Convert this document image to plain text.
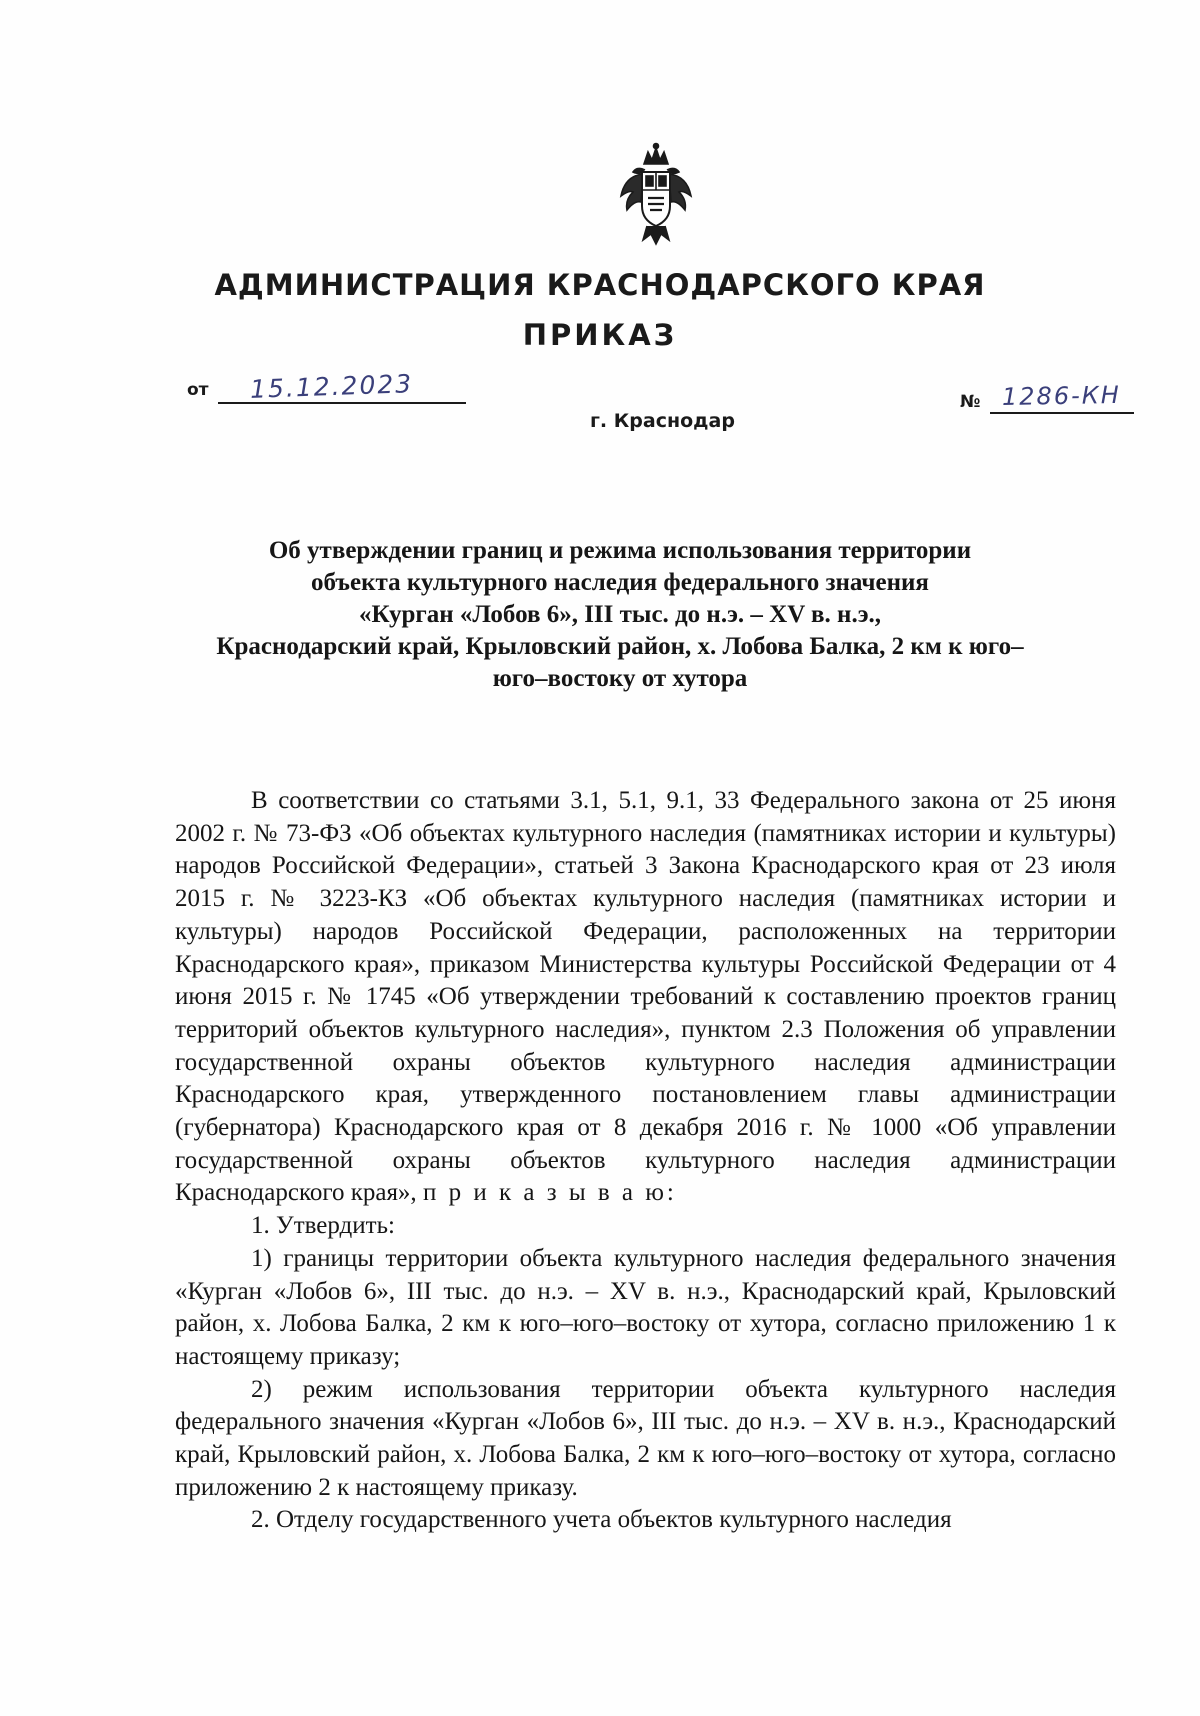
АДМИНИСТРАЦИЯ КРАСНОДАРСКОГО КРАЯ
ПРИКАЗ
от 15.12.2023
г. Краснодар
№ 1286-КН
Об утверждении границ и режима использования территории
объекта культурного наследия федерального значения
«Курган «Лобов 6», III тыс. до н.э. – XV в. н.э.,
Краснодарский край, Крыловский район, х. Лобова Балка, 2 км к юго–
юго–востоку от хутора

В соответствии со статьями 3.1, 5.1, 9.1, 33 Федерального закона от 25 июня 2002 г. № 73-ФЗ «Об объектах культурного наследия (памятниках истории и культуры) народов Российской Федерации», статьей 3 Закона Краснодарского края от 23 июля 2015 г. № 3223-КЗ «Об объектах культурного наследия (памятниках истории и культуры) народов Российской Федерации, расположенных на территории Краснодарского края», приказом Министерства культуры Российской Федерации от 4 июня 2015 г. № 1745 «Об утверждении требований к составлению проектов границ территорий объектов культурного наследия», пунктом 2.3 Положения об управлении государственной охраны объектов культурного наследия администрации Краснодарского края, утвержденного постановлением главы администрации (губернатора) Краснодарского края от 8 декабря 2016 г. № 1000 «Об управлении государственной охраны объектов культурного наследия администрации Краснодарского края», п р и к а з ы в а ю:

1. Утвердить:

1) границы территории объекта культурного наследия федерального значения «Курган «Лобов 6», III тыс. до н.э. – XV в. н.э., Краснодарский край, Крыловский район, х. Лобова Балка, 2 км к юго–юго–востоку от хутора, согласно приложению 1 к настоящему приказу;

2) режим использования территории объекта культурного наследия федерального значения «Курган «Лобов 6», III тыс. до н.э. – XV в. н.э., Краснодарский край, Крыловский район, х. Лобова Балка, 2 км к юго–юго–востоку от хутора, согласно приложению 2 к настоящему приказу.

2. Отделу государственного учета объектов культурного наследия
